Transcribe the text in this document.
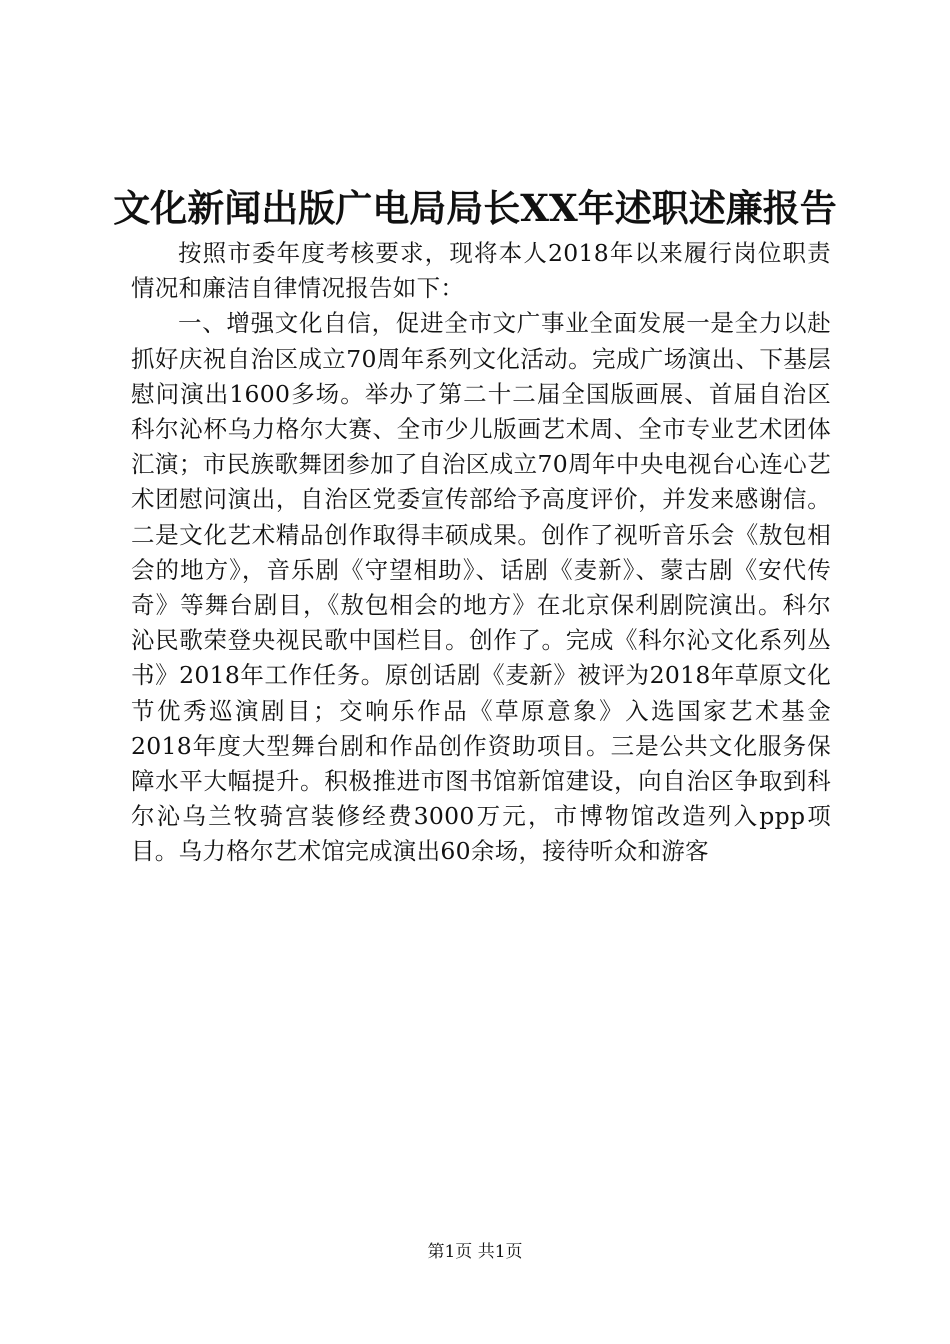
文化新闻出版广电局局长XX年述职述廉报告

按照市委年度考核要求，现将本人2018年以来履行岗位职责情况和廉洁自律情况报告如下：

一、增强文化自信，促进全市文广事业全面发展一是全力以赴抓好庆祝自治区成立70周年系列文化活动。完成广场演出、下基层慰问演出1600多场。举办了第二十二届全国版画展、首届自治区科尔沁杯乌力格尔大赛、全市少儿版画艺术周、全市专业艺术团体汇演；市民族歌舞团参加了自治区成立70周年中央电视台心连心艺术团慰问演出，自治区党委宣传部给予高度评价，并发来感谢信。二是文化艺术精品创作取得丰硕成果。创作了视听音乐会《敖包相会的地方》，音乐剧《守望相助》、话剧《麦新》、蒙古剧《安代传奇》等舞台剧目，《敖包相会的地方》在北京保利剧院演出。科尔沁民歌荣登央视民歌中国栏目。创作了。完成《科尔沁文化系列丛书》2018年工作任务。原创话剧《麦新》被评为2018年草原文化节优秀巡演剧目；交响乐作品《草原意象》入选国家艺术基金2018年度大型舞台剧和作品创作资助项目。三是公共文化服务保障水平大幅提升。积极推进市图书馆新馆建设，向自治区争取到科尔沁乌兰牧骑宫装修经费3000万元，市博物馆改造列入ppp项目。乌力格尔艺术馆完成演出60余场，接待听众和游客

第1页 共1页
